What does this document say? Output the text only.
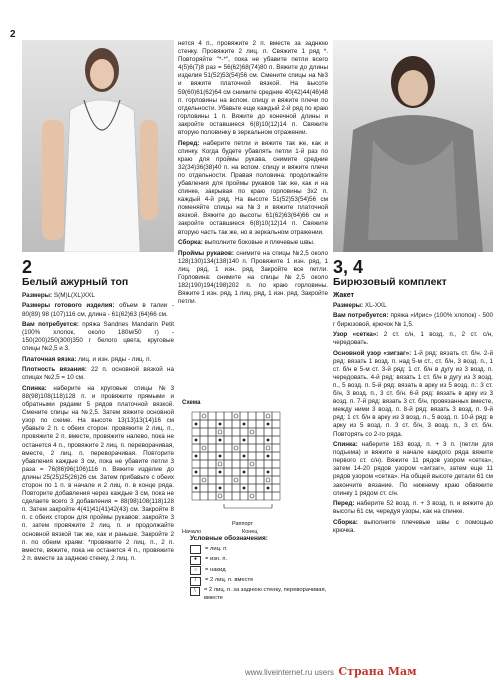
2
2
Белый ажурный топ

Размеры: S(M)L(XL)XXL

Размеры готового изделия: объем в талии - 80(89) 98 (107)116 см, длина - 61(62)63 (64)66 см.

Вам потребуется: пряжа Sandnes Mandarin Petit (100% хлопок, около 180м/50 г) - 150(200)250(300)350 г белого цвета, круговые спицы №2,5 и 3.

Платочная вязка: лиц. и изн. ряды - лиц. п.

Плотность вязания: 22 п. основной вязкой на спицах №2,5 = 10 см.

Спинка: наберите на круговые спицы №3 88(98)108(118)128 п. и провяжите прямыми и обратными рядами 5 рядов платочной вязкой. Смените спицы на №2,5. Затем вяжите основной узор по схеме. На высоте 13(13)13(14)16 см убавьте 2 п. с обеих сторон: провяжите 2 лиц. п., провяжите 2 п. вместе, провяжите налево, пока не останется 4 п., провяжите 2 лиц. п. переворачивая, вместе, 2 лиц. п. переворачивая. Повторите убавления каждые 3 см, пока не убавите петли 3 раза = 76(86)96(106)116 п. Вяжите изделие до длины 25(25)25(26)26 см. Затем прибавьте с обеих сторон по 1 п. в начале и 2 лиц. п. в конце ряда. Повторите добавления через каждые 3 см, пока не сделаете всего 3 добавления = 88(98)108(118)128 п. Затем закройте 4(41)41(41)42(43) см. Закройте 8 п. с обеих сторон для проймы рукавов: закройте 3 п. затем провяжите 2 лиц. п. и продолжайте основной вязкой так же, как и раньше. Закройте 2 п. по обеим краям: *провяжите 2 лиц. п., 2 п. вместе, вяжите, пока не останется 4 п., провяжите 2 п. вместе за заднюю стенку, 2 лиц. п.

нется 4 п., провяжите 2 п. вместе за заднюю стенку. Провяжите 2 лиц. п. Свяжите 1 ряд *. Повторяйте "*-*", пока не убавите петли всего 4(5)6(7)8 раз = 56(62)68(74)80 п. Вяжите до длины изделия 51(52)53(54)56 см. Смените спицы на №3 и вяжите платочной вязкой. На высоте 59(60)61(62)64 см снимите средние 40(42)44(46)48 п. горловины на вспом. спицу и вяжите плечи по отдельности. Убавьте еще каждый 2-й ряд по краю горловины 1 п. Вяжите до конечной длины и закройте оставшиеся 6(8)10(12)14 п. Свяжите вторую половинку в зеркальном отражении.

Перед: наберите петли и вяжите так же, как и спинку. Когда будете убавлять петли 1-й раз по краю для проймы рукава, снимите средние 32(34)36(38)40 п. на вспом. спицу и вяжите плечи по отдельности. Правая половина: продолжайте убавления для проймы рукавов так же, как и на спинке, закрывая по краю горловины 3х2 п. каждый 4-й ряд. На высоте 51(52)53(54)56 см поменяйте спицы на №3 и вяжите платочной вязкой. Вяжите до высоты 61(62)63(64)66 см и закройте оставшиеся 6(8)10(12)14 п. Свяжите вторую часть так же, но в зеркальном отражении.

Сборка: выполните боковые и плечевые швы.

Проймы рукавов: снимите на спицы №2,5 около 128(130)134(138)140 п. Провяжите 1 изн. ряд, 1 лиц. ряд, 1 изн. ряд. Закройте все петли. Горловина: снимите на спицы №2,5 около 182(190)194(198)202 п. по краю горловины. Вяжите 1 изн. ряд, 1 лиц. ряд, 1 изн. ряд. Закройте петли.

Схема
Раппорт
Начало	Конец
Условные обозначения:
= лиц. п.
●	= изн. п.
○	= накид
/	= 2 лиц. п. вместе
\	= 2 лиц. п. за заднюю стенку, переворачивая, вместе
3, 4
Бирюзовый комплект
Жакет

Размеры: XL-XXL

Вам потребуется: пряжа «Ирис» (100% хлопок) - 500 г бирюзовой, крючок № 1,5.

Узор «сетка»: 2 ст. с/н, 1 возд. п., 2 ст. с/н, чередовать.

Основной узор «зигзаг»: 1-й ряд: вязать ст. б/н. 2-й ряд: вязать 1 возд. п. над 5-м ст., ст. б/н, 3 возд. п., 1 ст. б/н в 5-м ст. 3-й ряд: 1 ст. б/н в дугу из 3 возд. п. чередовать. 4-й ряд: вязать 1 ст. б/н в дугу из 3 возд. п., 5 возд. п. 5-й ряд: вязать в арку из 5 возд. п.: 3 ст. б/н, 3 возд. п., 3 ст. б/н. 6-й ряд: вязать в арку из 3 возд. п. 7-й ряд: вязать 3 ст. б/н, провязанных вместе, между ними 3 возд. п. 8-й ряд: вязать 3 возд. п. 9-й ряд: 1 ст. б/н в арку из 3 возд. п., 5 возд. п. 10-й ряд: в арку из 5 возд. п. 3 ст. б/н, 3 возд. п., 3 ст. б/н. Повторять со 2-го ряда.

Спинка: наберите 163 возд. п. + 3 п. (петли для подъема) и вяжите в начале каждого ряда вяжите первого ст. с/н). Вяжите 11 рядов узором «сетка», затем 14-20 рядов узором «зигзаг», затем еще 11 рядов узором «сетка». На общей высоте детали 61 см закончите вязание. По нижнему краю обвяжите спинку 1 рядом ст. с/н.

Перед: наберите 52 возд. п. + 3 возд. п. и вяжите до высоты 61 см, чередуя узоры, как на спинке.

Сборка: выполните плечевые швы с помощью крючка.

www.liveinternet.ru users Страна Мам
